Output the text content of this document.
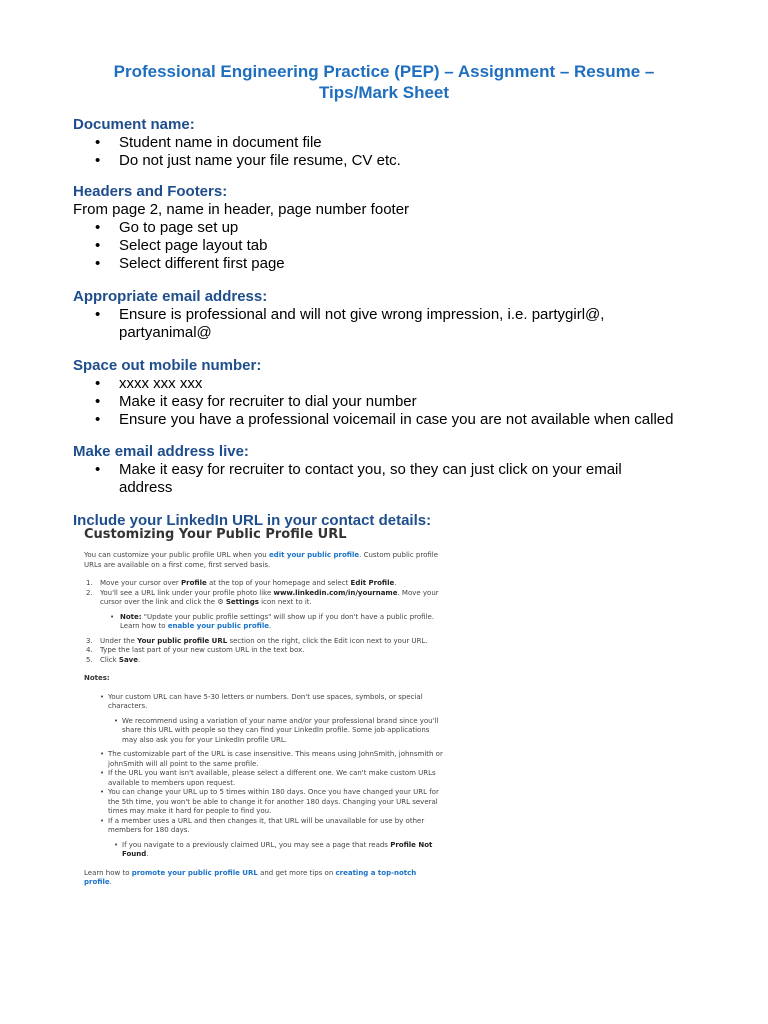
Professional Engineering Practice (PEP) – Assignment – Resume –
Tips/Mark Sheet
Document name:
• Student name in document file
• Do not just name your file resume, CV etc.
Headers and Footers:
From page 2, name in header, page number footer
• Go to page set up
• Select page layout tab
• Select different first page
Appropriate email address:
• Ensure is professional and will not give wrong impression, i.e. partygirl@, partyanimal@
Space out mobile number:
• xxxx xxx xxx
• Make it easy for recruiter to dial your number
• Ensure you have a professional voicemail in case you are not available when called
Make email address live:
• Make it easy for recruiter to contact you, so they can just click on your email address
Include your LinkedIn URL in your contact details:
Customizing Your Public Profile URL

You can customize your public profile URL when you edit your public profile. Custom public profile URLs are available on a first come, first served basis.

1. Move your cursor over Profile at the top of your homepage and select Edit Profile.
2. You'll see a URL link under your profile photo like www.linkedin.com/in/yourname. Move your cursor over the link and click the ⚙ Settings icon next to it.
• Note: "Update your public profile settings" will show up if you don't have a public profile. Learn how to enable your public profile.
3. Under the Your public profile URL section on the right, click the Edit icon next to your URL.
4. Type the last part of your new custom URL in the text box.
5. Click Save.
Notes:
• Your custom URL can have 5-30 letters or numbers. Don't use spaces, symbols, or special characters.
• We recommend using a variation of your name and/or your professional brand since you'll share this URL with people so they can find your LinkedIn profile. Some job applications may also ask you for your LinkedIn profile URL.
• The customizable part of the URL is case insensitive. This means using JohnSmith, johnsmith or johnSmith will all point to the same profile.
• If the URL you want isn't available, please select a different one. We can't make custom URLs available to members upon request.
• You can change your URL up to 5 times within 180 days. Once you have changed your URL for the 5th time, you won't be able to change it for another 180 days. Changing your URL several times may make it hard for people to find you.
• If a member uses a URL and then changes it, that URL will be unavailable for use by other members for 180 days.
• If you navigate to a previously claimed URL, you may see a page that reads Profile Not Found.

Learn how to promote your public profile URL and get more tips on creating a top-notch profile.
